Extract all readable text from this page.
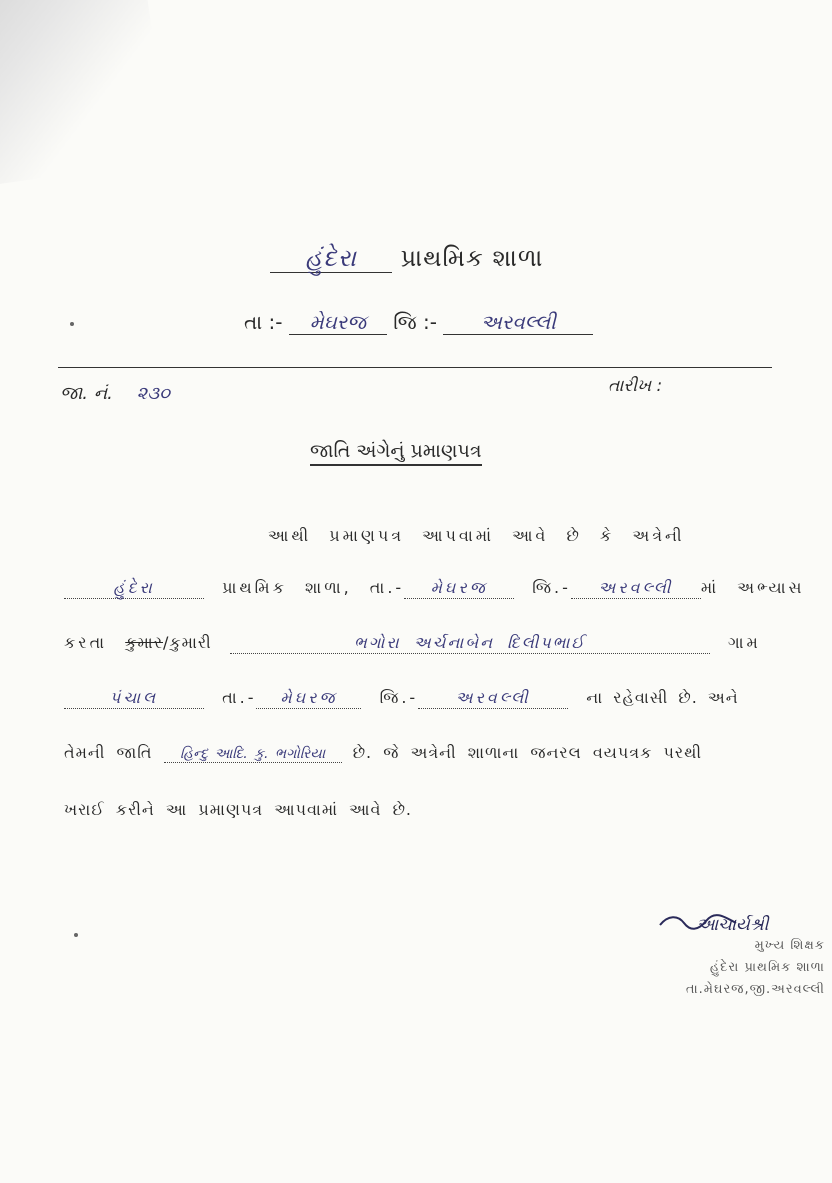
હુંદેરા પ્રાથમિક શાળા
તા :- મેઘરજ જિ :- અરવલ્લી
જા. નં. ૨૩૦	તારીખ :
જાતિ અંગેનું પ્રમાણપત્ર
આથી પ્રમાણપત્ર આપવામાં આવે છે કે અત્રેની
હુંદેરા	પ્રાથમિક શાળા, તા.- મેઘરજ	જિ.- અરવલ્લી માં અભ્યાસ
કરતા કુમાર/કુમારી	ભગોરા અર્ચનાબેન દિલીપભાઈ	ગામ
પંચાલ	તા.- મેઘરજ	જિ.- અરવલ્લી	ના રહેવાસી છે. અને
તેમની જાતિ હિન્દુ આદિ. કુ. ભગોરિયા છે. જે અત્રેની શાળાના જનરલ વયપત્રક પરથી
ખરાઈ કરીને આ પ્રમાણપત્ર આપવામાં આવે છે.
આચાર્યશ્રી
મુખ્ય શિક્ષક
હુંદેરા પ્રાથમિક શાળા
તા.મેઘરજ,જી.અરવલ્લી
